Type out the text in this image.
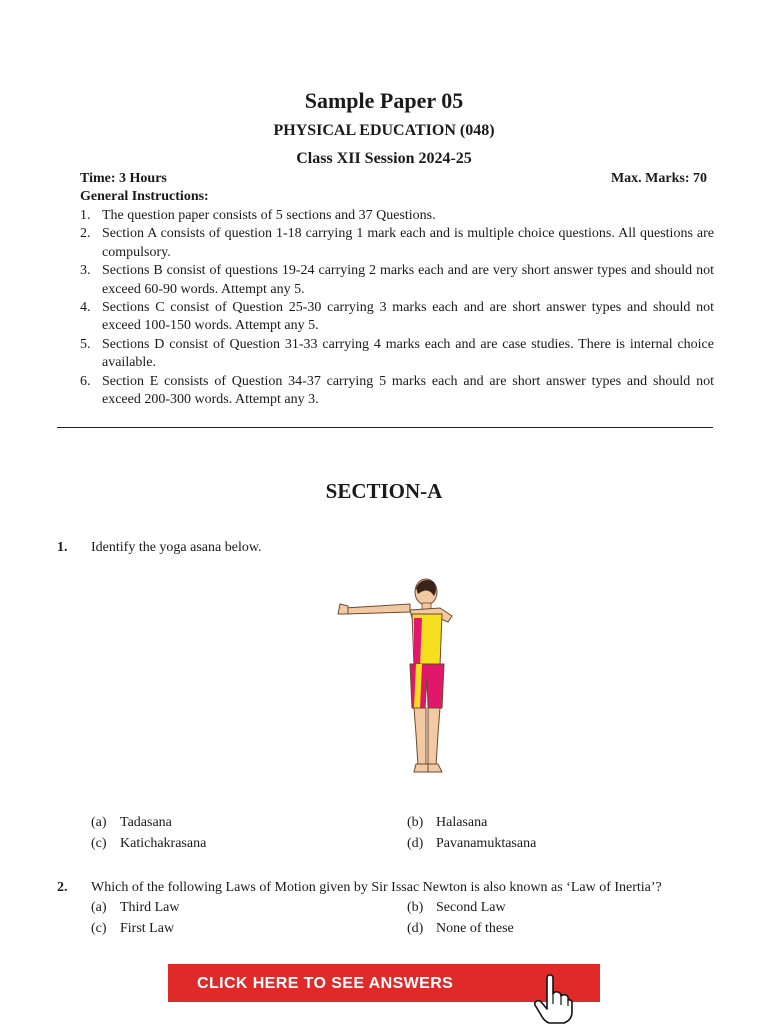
Sample Paper 05
PHYSICAL EDUCATION (048)
Class XII Session 2024-25
Time: 3 Hours	Max. Marks: 70
General Instructions:
1. The question paper consists of 5 sections and 37 Questions.
2. Section A consists of question 1-18 carrying 1 mark each and is multiple choice questions. All questions are compulsory.
3. Sections B consist of questions 19-24 carrying 2 marks each and are very short answer types and should not exceed 60-90 words. Attempt any 5.
4. Sections C consist of Question 25-30 carrying 3 marks each and are short answer types and should not exceed 100-150 words. Attempt any 5.
5. Sections D consist of Question 31-33 carrying 4 marks each and are case studies. There is internal choice available.
6. Section E consists of Question 34-37 carrying 5 marks each and are short answer types and should not exceed 200-300 words. Attempt any 3.
SECTION-A
1. Identify the yoga asana below.
(a) Tadasana	(b) Halasana
(c) Katichakrasana	(d) Pavanamuktasana
2. Which of the following Laws of Motion given by Sir Issac Newton is also known as ‘Law of Inertia’?
(a) Third Law	(b) Second Law
(c) First Law	(d) None of these
CLICK HERE TO SEE ANSWERS
